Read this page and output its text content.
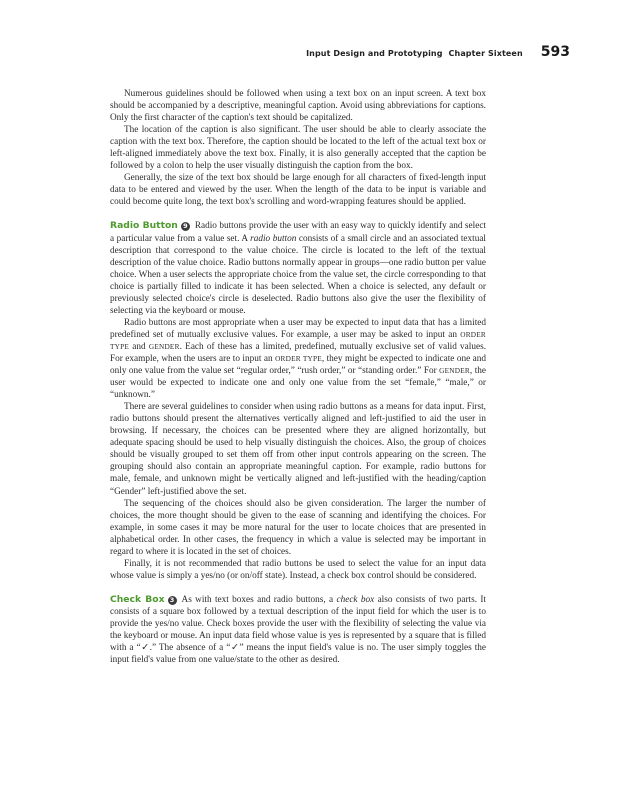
Input Design and Prototyping Chapter Sixteen 593

Numerous guidelines should be followed when using a text box on an input screen. A text box should be accompanied by a descriptive, meaningful caption. Avoid using abbreviations for captions. Only the first character of the caption's text should be capitalized.

The location of the caption is also significant. The user should be able to clearly associate the caption with the text box. Therefore, the caption should be located to the left of the actual text box or left-aligned immediately above the text box. Finally, it is also generally accepted that the caption be followed by a colon to help the user visually distinguish the caption from the box.

Generally, the size of the text box should be large enough for all characters of fixed-length input data to be entered and viewed by the user. When the length of the data to be input is variable and could become quite long, the text box's scrolling and word-wrapping features should be applied.

Radio Button 9 Radio buttons provide the user with an easy way to quickly identify and select a particular value from a value set. A radio button consists of a small circle and an associated textual description that correspond to the value choice. The circle is located to the left of the textual description of the value choice. Radio buttons normally appear in groups—one radio button per value choice. When a user selects the appropriate choice from the value set, the circle corresponding to that choice is partially filled to indicate it has been selected. When a choice is selected, any default or previously selected choice's circle is deselected. Radio buttons also give the user the flexibility of selecting via the keyboard or mouse.

Radio buttons are most appropriate when a user may be expected to input data that has a limited predefined set of mutually exclusive values. For example, a user may be asked to input an ORDER TYPE and GENDER. Each of these has a limited, predefined, mutually exclusive set of valid values. For example, when the users are to input an ORDER TYPE, they might be expected to indicate one and only one value from the value set “regular order,” “rush order,” or “standing order.” For GENDER, the user would be expected to indicate one and only one value from the set “female,” “male,” or “unknown.”

There are several guidelines to consider when using radio buttons as a means for data input. First, radio buttons should present the alternatives vertically aligned and left-justified to aid the user in browsing. If necessary, the choices can be presented where they are aligned horizontally, but adequate spacing should be used to help visually distinguish the choices. Also, the group of choices should be visually grouped to set them off from other input controls appearing on the screen. The grouping should also contain an appropriate meaningful caption. For example, radio buttons for male, female, and unknown might be vertically aligned and left-justified with the heading/caption “Gender” left-justified above the set.

The sequencing of the choices should also be given consideration. The larger the number of choices, the more thought should be given to the ease of scanning and identifying the choices. For example, in some cases it may be more natural for the user to locate choices that are presented in alphabetical order. In other cases, the frequency in which a value is selected may be important in regard to where it is located in the set of choices.

Finally, it is not recommended that radio buttons be used to select the value for an input data whose value is simply a yes/no (or on/off state). Instead, a check box control should be considered.

Check Box 3 As with text boxes and radio buttons, a check box also consists of two parts. It consists of a square box followed by a textual description of the input field for which the user is to provide the yes/no value. Check boxes provide the user with the flexibility of selecting the value via the keyboard or mouse. An input data field whose value is yes is represented by a square that is filled with a “✓.” The absence of a “✓” means the input field's value is no. The user simply toggles the input field's value from one value/state to the other as desired.
